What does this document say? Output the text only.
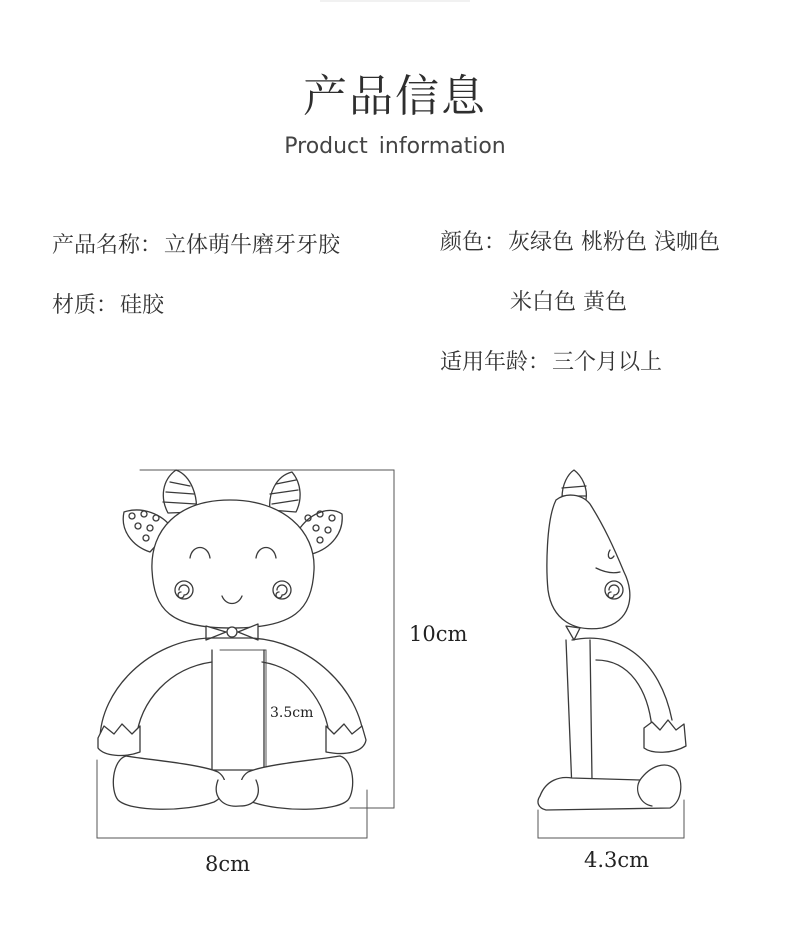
产品信息
Product information
产品名称：立体萌牛磨牙牙胶
材质：硅胶
颜色：灰绿色 桃粉色 浅咖色
米白色 黄色
适用年龄：三个月以上
10cm
3.5cm
8cm	4.3cm
